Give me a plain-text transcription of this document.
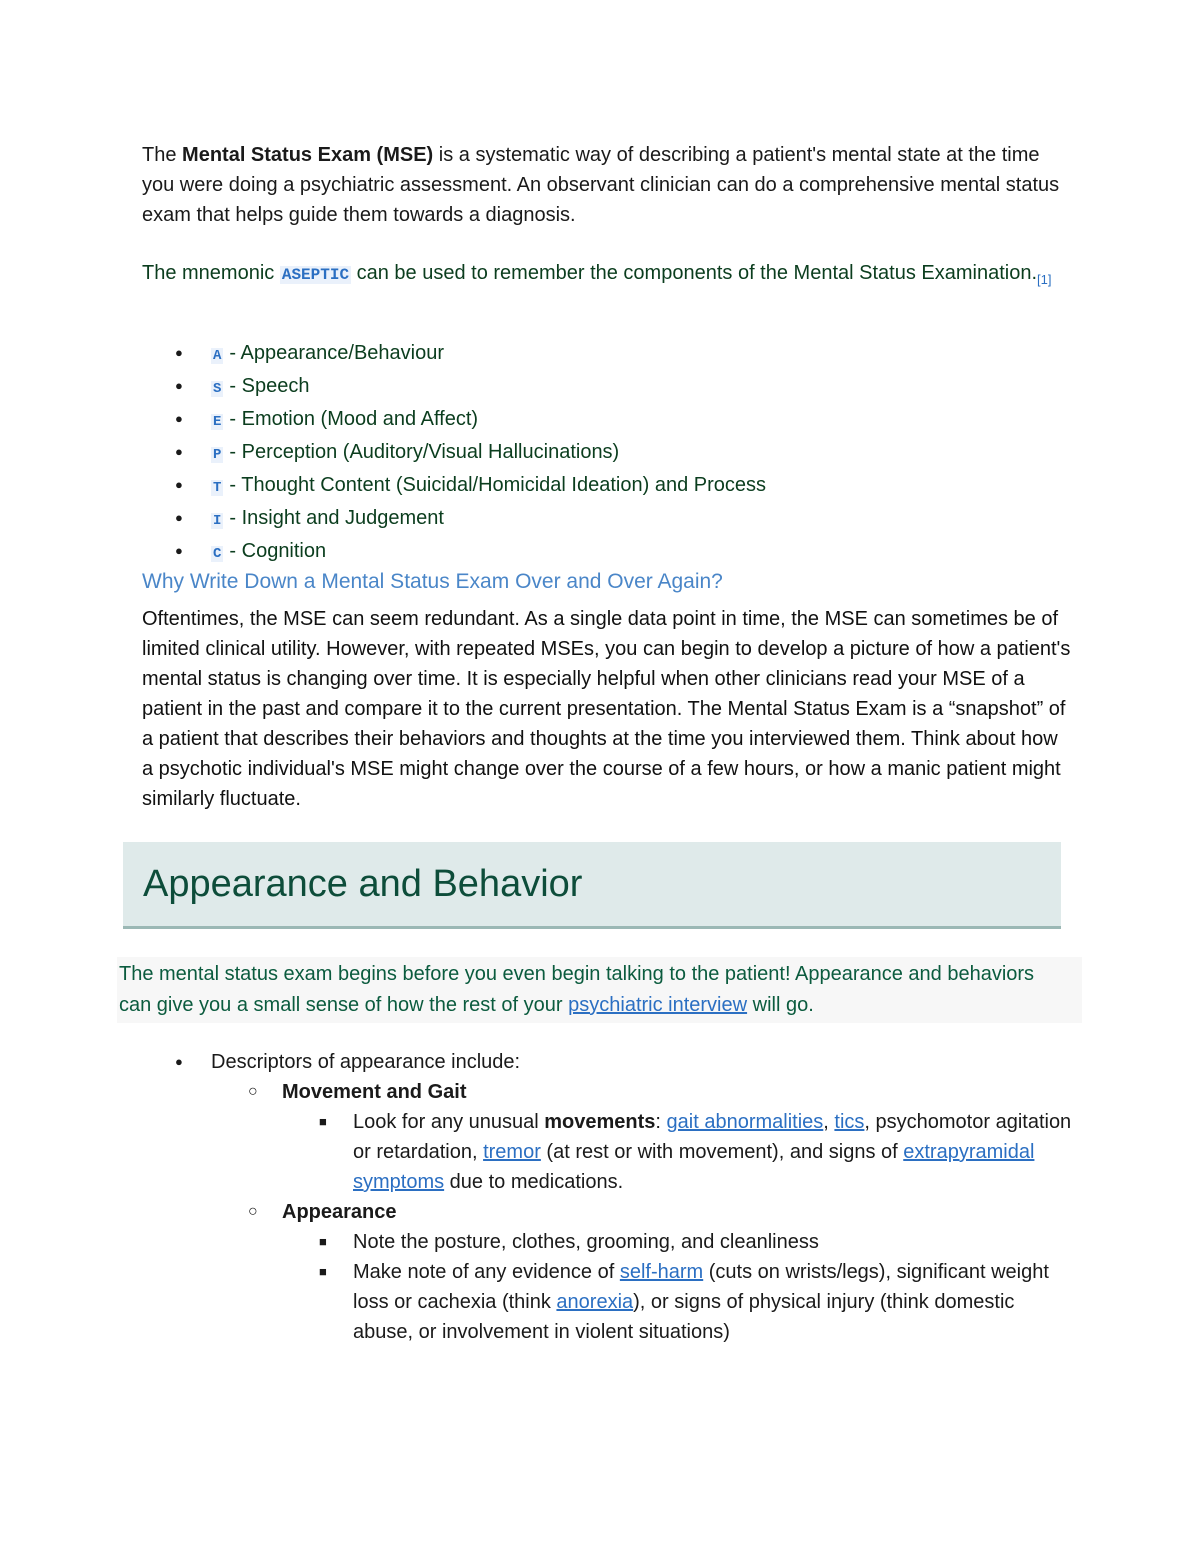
The Mental Status Exam (MSE) is a systematic way of describing a patient's mental state at the time you were doing a psychiatric assessment. An observant clinician can do a comprehensive mental status exam that helps guide them towards a diagnosis.
The mnemonic ASEPTIC can be used to remember the components of the Mental Status $Examination._{[1]}$
● A - Appearance/Behaviour
● S - Speech
● E - Emotion (Mood and Affect)
● P - Perception (Auditory/Visual Hallucinations)
● T - Thought Content (Suicidal/Homicidal Ideation) and Process
● I - Insight and Judgement
● C - Cognition
Why Write Down a Mental Status Exam Over and Over Again?
Oftentimes, the MSE can seem redundant. As a single data point in time, the MSE can sometimes be of limited clinical utility. However, with repeated MSEs, you can begin to develop a picture of how a patient's mental status is changing over time. It is especially helpful when other clinicians read your MSE of a patient in the past and compare it to the current presentation. The Mental Status Exam is a “snapshot” of a patient that describes their behaviors and thoughts at the time you interviewed them. Think about how a psychotic individual's MSE might change over the course of a few hours, or how a manic patient might similarly fluctuate.
Appearance and Behavior
The mental status exam begins before you even begin talking to the patient! Appearance and behaviors can give you a small sense of how the rest of your psychiatric interview will go.
● Descriptors of appearance include:
○ Movement and Gait
■ Look for any unusual movements: gait abnormalities, tics, psychomotor agitation or retardation, tremor (at rest or with movement), and signs of extrapyramidal symptoms due to medications.
○ Appearance
■ Note the posture, clothes, grooming, and cleanliness
■ Make note of any evidence of self-harm (cuts on wrists/legs), significant weight loss or cachexia (think anorexia), or signs of physical injury (think domestic abuse, or involvement in violent situations)
